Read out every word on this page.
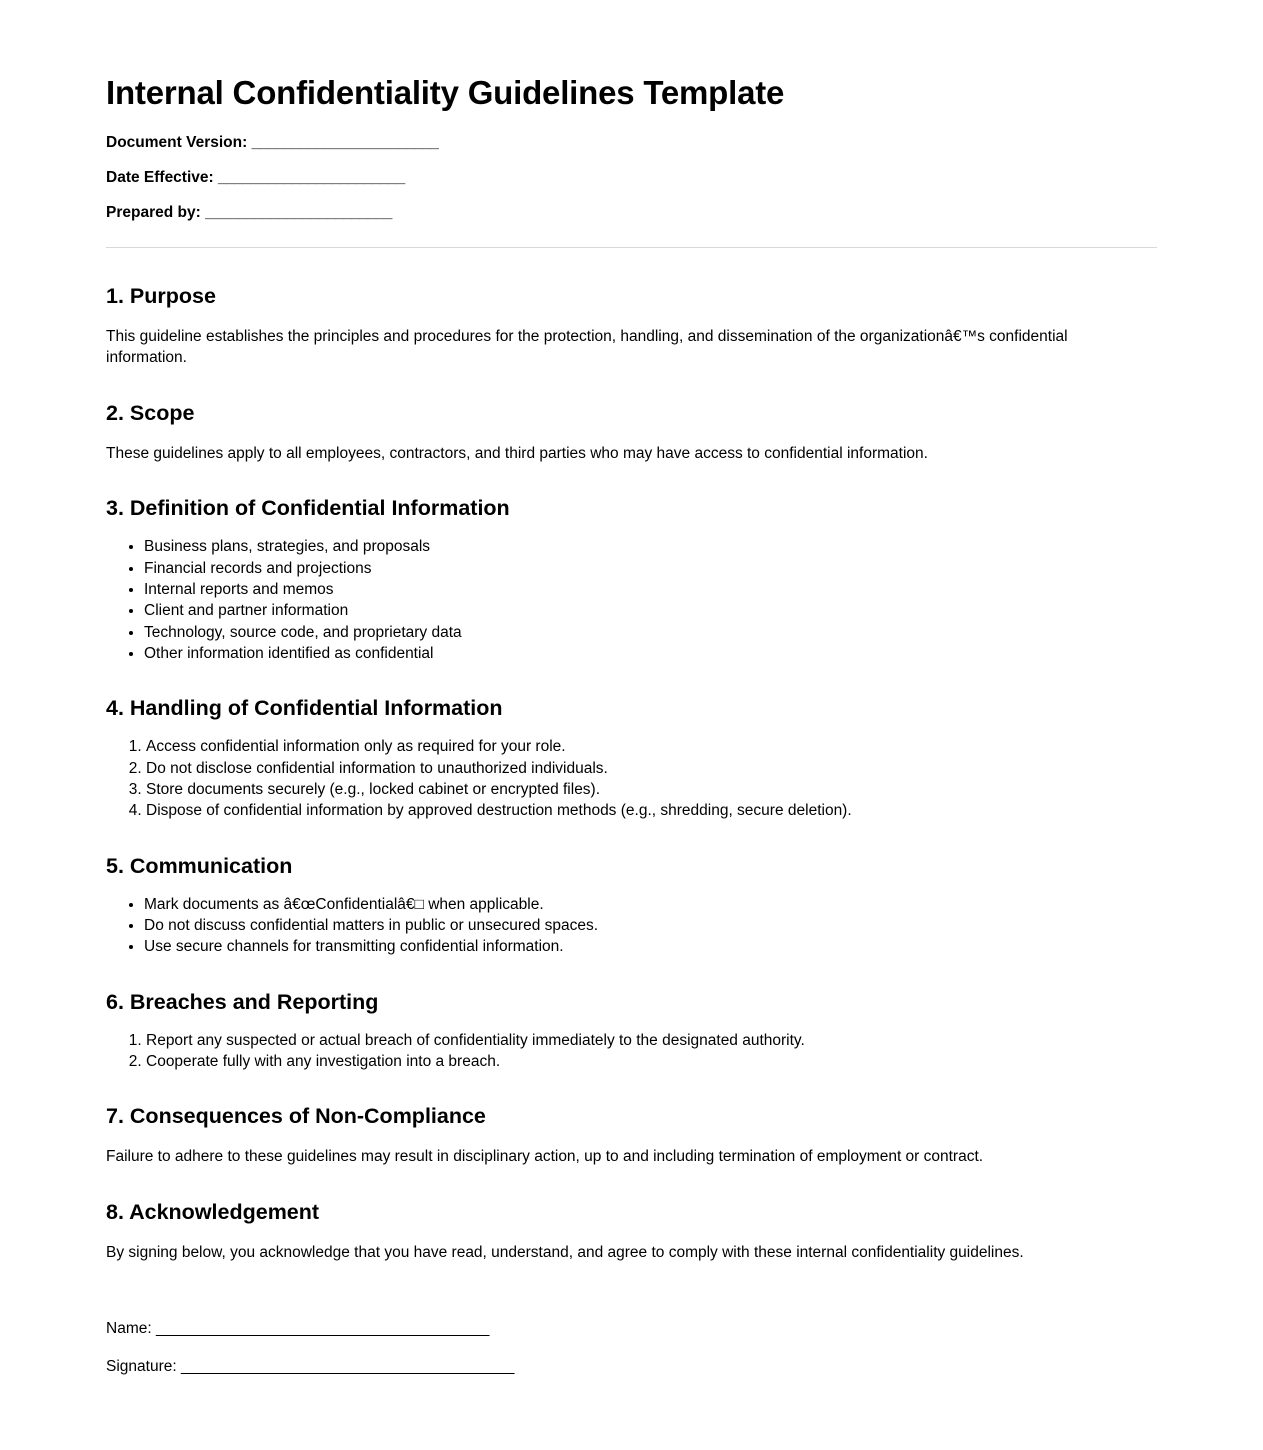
Internal Confidentiality Guidelines Template
Document Version: _______________________
Date Effective: _______________________
Prepared by: _______________________
1. Purpose

This guideline establishes the principles and procedures for the protection, handling, and dissemination of the organizationâ€™s confidential information.

2. Scope

These guidelines apply to all employees, contractors, and third parties who may have access to confidential information.

3. Definition of Confidential Information
• Business plans, strategies, and proposals
• Financial records and projections
• Internal reports and memos
• Client and partner information
• Technology, source code, and proprietary data
• Other information identified as confidential
4. Handling of Confidential Information
1. Access confidential information only as required for your role.
2. Do not disclose confidential information to unauthorized individuals.
3. Store documents securely (e.g., locked cabinet or encrypted files).
4. Dispose of confidential information by approved destruction methods (e.g., shredding, secure deletion).
5. Communication
• Mark documents as â€œConfidentialâ€□ when applicable.
• Do not discuss confidential matters in public or unsecured spaces.
• Use secure channels for transmitting confidential information.
6. Breaches and Reporting
1. Report any suspected or actual breach of confidentiality immediately to the designated authority.
2. Cooperate fully with any investigation into a breach.
7. Consequences of Non-Compliance

Failure to adhere to these guidelines may result in disciplinary action, up to and including termination of employment or contract.

8. Acknowledgement

By signing below, you acknowledge that you have read, understand, and agree to comply with these internal confidentiality guidelines.

Name: _________________________________________
Signature: _________________________________________
